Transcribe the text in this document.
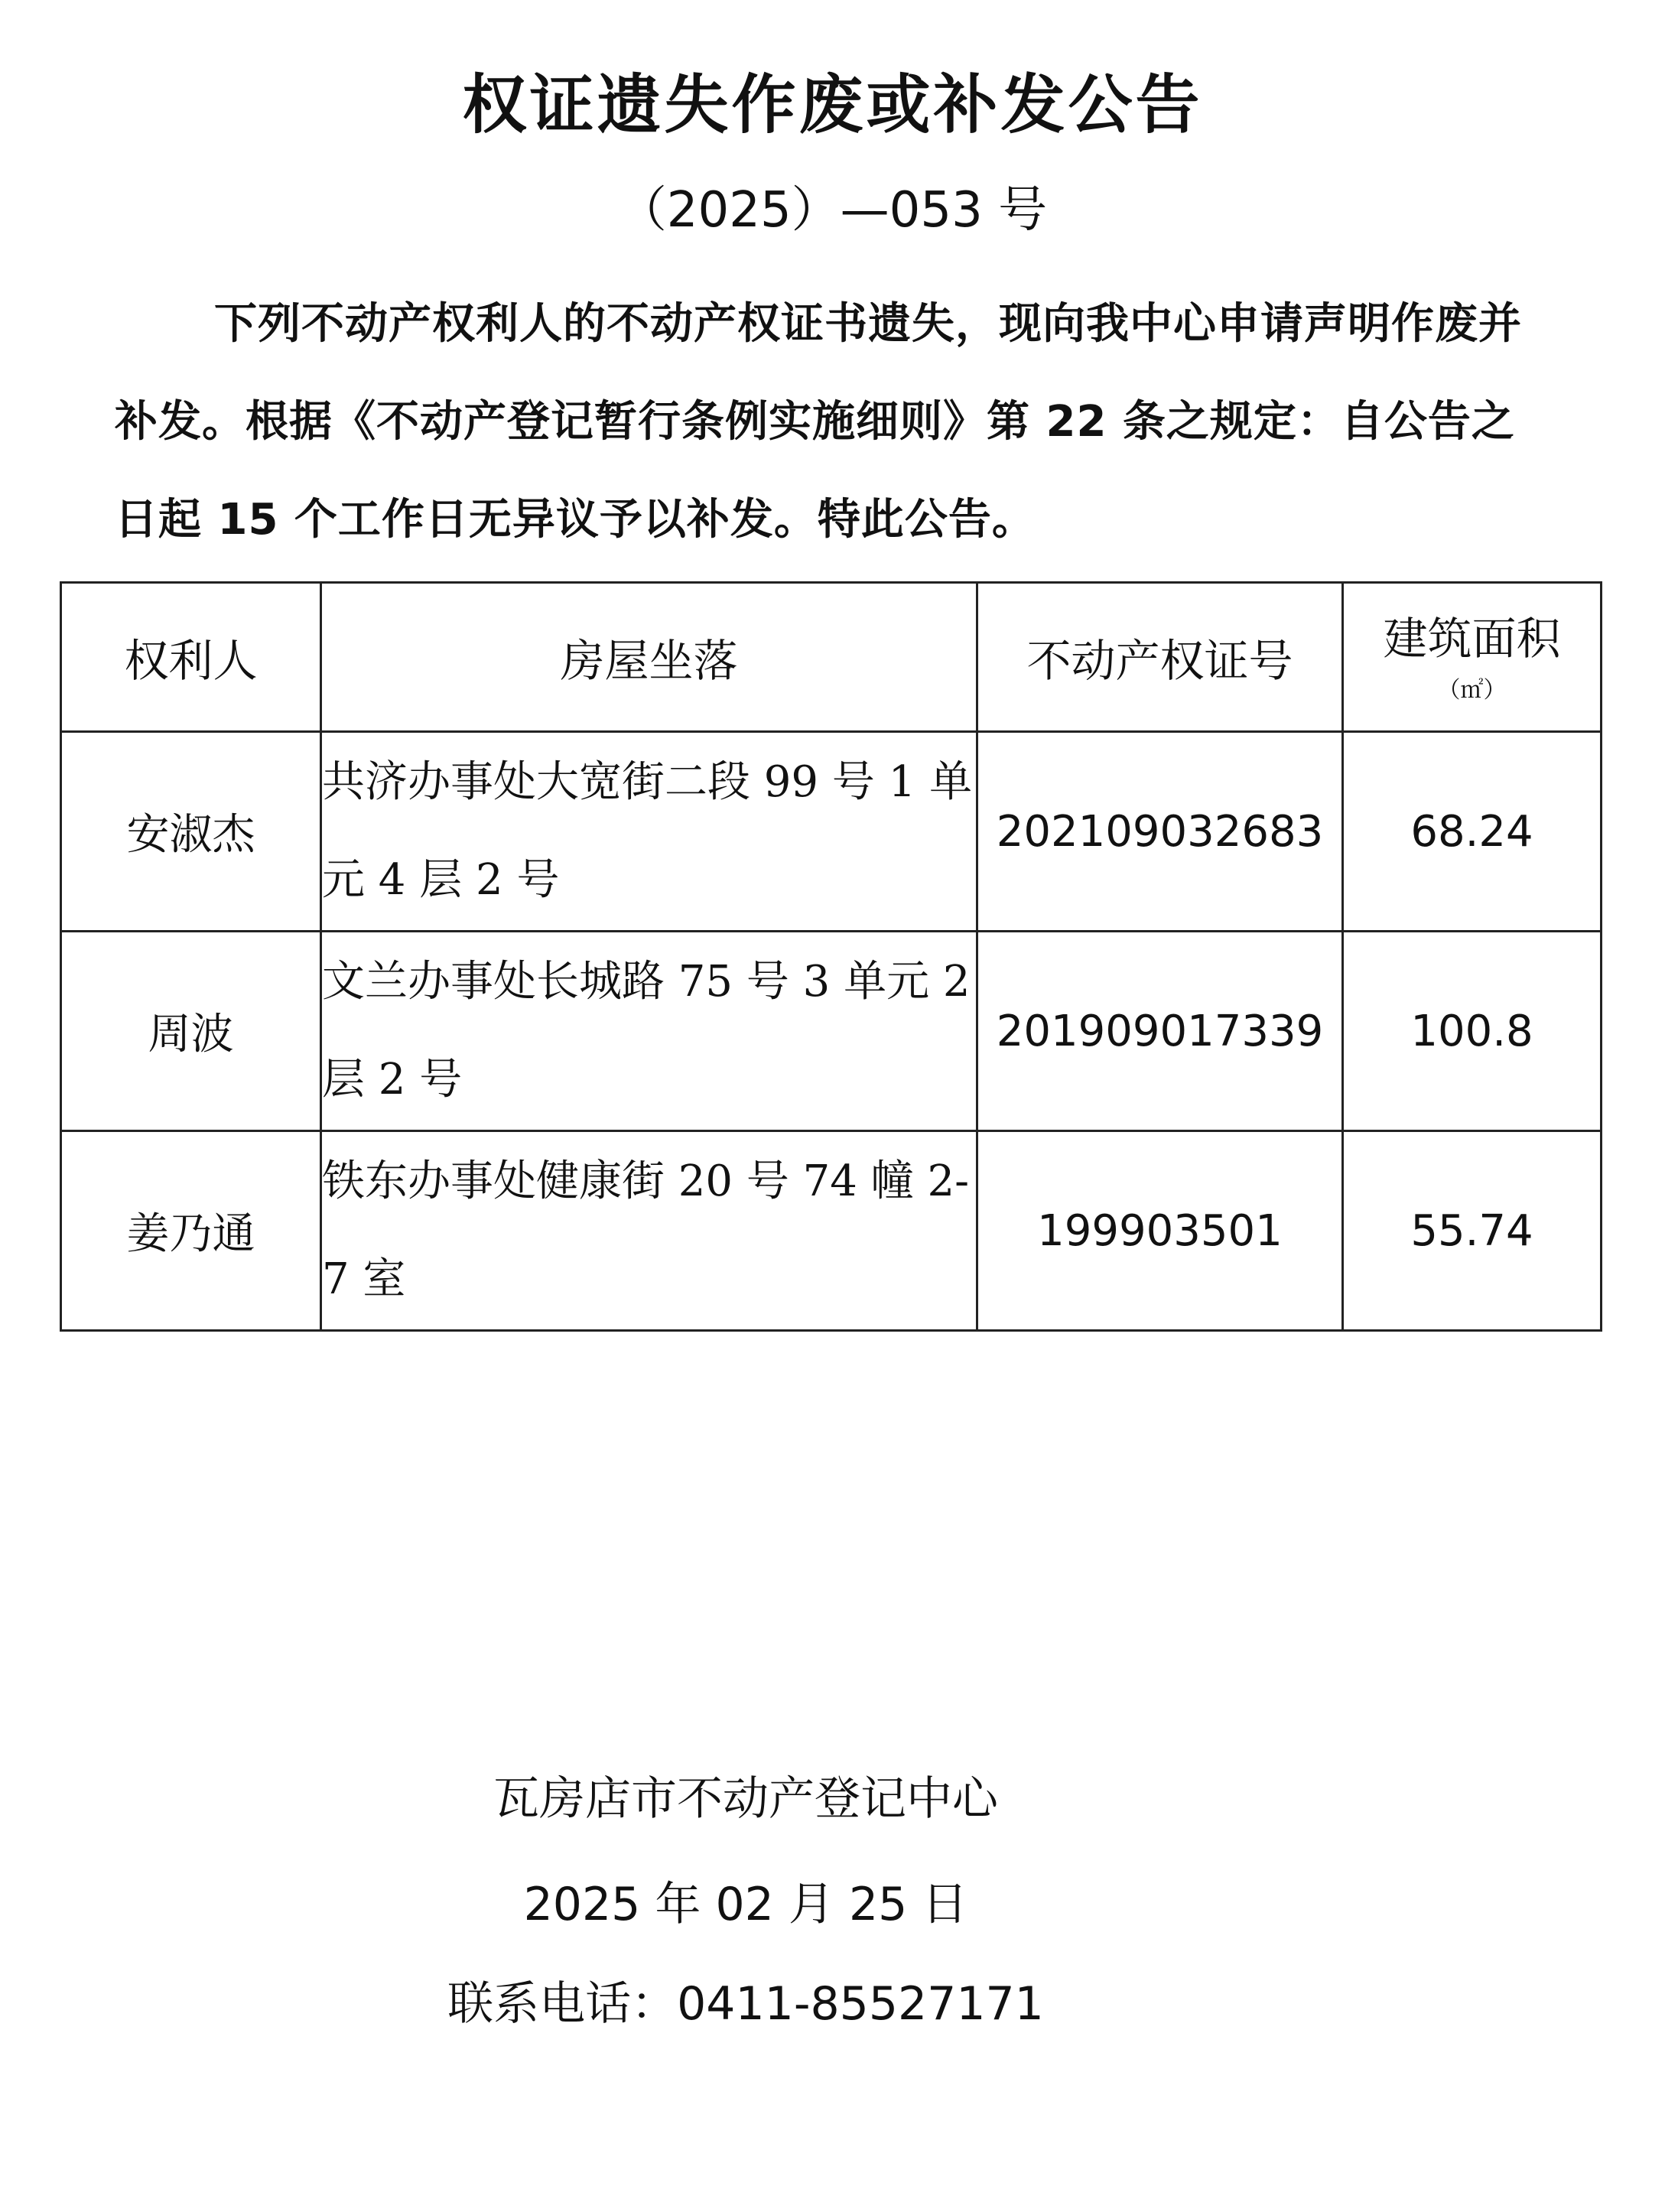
权证遗失作废或补发公告
（2025）—053 号
下列不动产权利人的不动产权证书遗失，现向我中心申请声明作废并补发。根据《不动产登记暂行条例实施细则》第 22 条之规定：自公告之日起 15 个工作日无异议予以补发。特此公告。
权利人	房屋坐落	不动产权证号	建筑面积
（㎡）

安淑杰	共济办事处大宽街二段 99 号 1 单元 4 层 2 号	202109032683	68.24
周波	文兰办事处长城路 75 号 3 单元 2 层 2 号	201909017339	100.8
姜乃通	铁东办事处健康街 20 号 74 幢 2-7 室	199903501	55.74
瓦房店市不动产登记中心
2025 年 02 月 25 日
联系电话：0411-85527171
